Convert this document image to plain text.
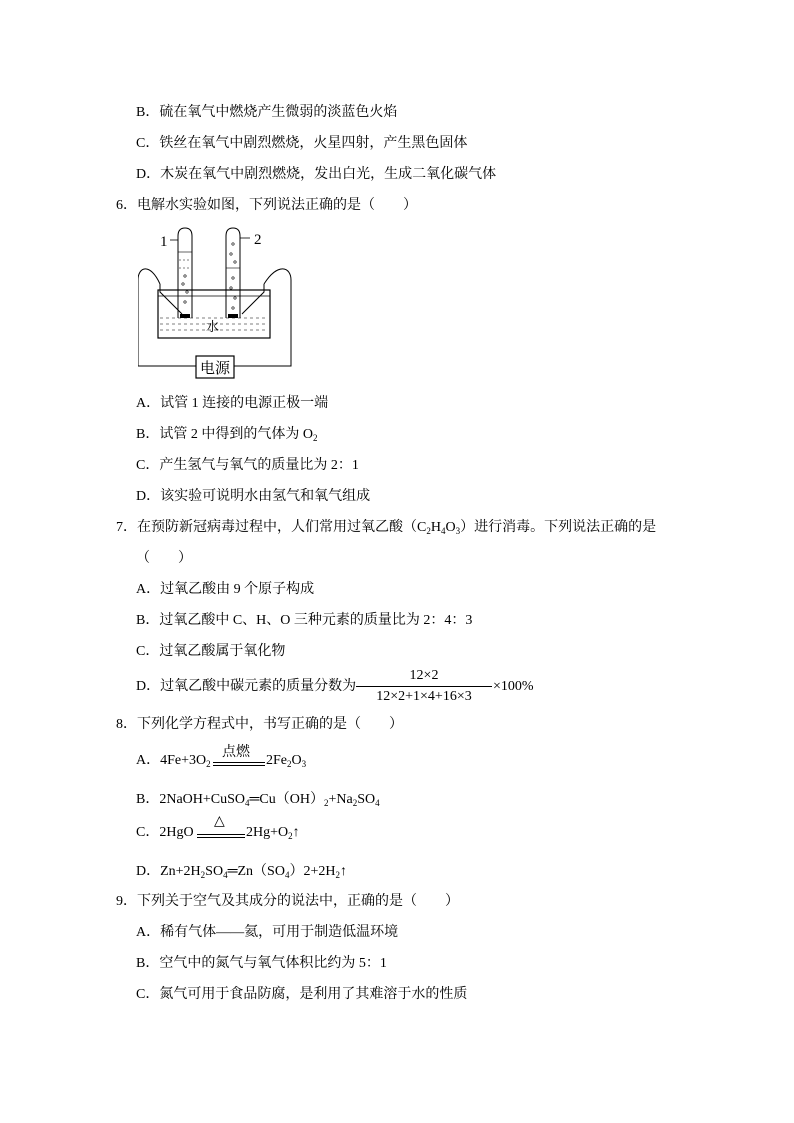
B．硫在氧气中燃烧产生微弱的淡蓝色火焰
C．铁丝在氧气中剧烈燃烧，火星四射，产生黑色固体
D．木炭在氧气中剧烈燃烧，发出白光，生成二氧化碳气体
6．电解水实验如图，下列说法正确的是（　　）
1	2
水
电源
A．试管 1 连接的电源正极一端
B．试管 2 中得到的气体为 $O_2$
C．产生氢气与氧气的质量比为 2：1
D．该实验可说明水由氢气和氧气组成
7．在预防新冠病毒过程中，人们常用过氧乙酸$(C_2H_4O_3)$进行消毒。下列说法正确的是
（　　）
A．过氧乙酸由 9 个原子构成
B．过氧乙酸中 C、H、O 三种元素的质量比为 2：4：3
C．过氧乙酸属于氧化物
D．过氧乙酸中碳元素的质量分数为
12×2
12×2+1×4+16×3
×100%
8．下列化学方程式中，书写正确的是（　　）
A．$4Fe+3O_2$
点燃
$2Fe_2O_3$
B．$2NaOH+CuSO_4═Cu(OH)_2+Na_2SO_4$
C．2HgO
△
$2Hg+O_2↑$
D．$Zn+2H_2SO_4═Zn(SO_4)2+2H_2↑$
9．下列关于空气及其成分的说法中，正确的是（　　）
A．稀有气体——氦，可用于制造低温环境
B．空气中的氮气与氧气体积比约为 5：1
C．氮气可用于食品防腐，是利用了其难溶于水的性质
